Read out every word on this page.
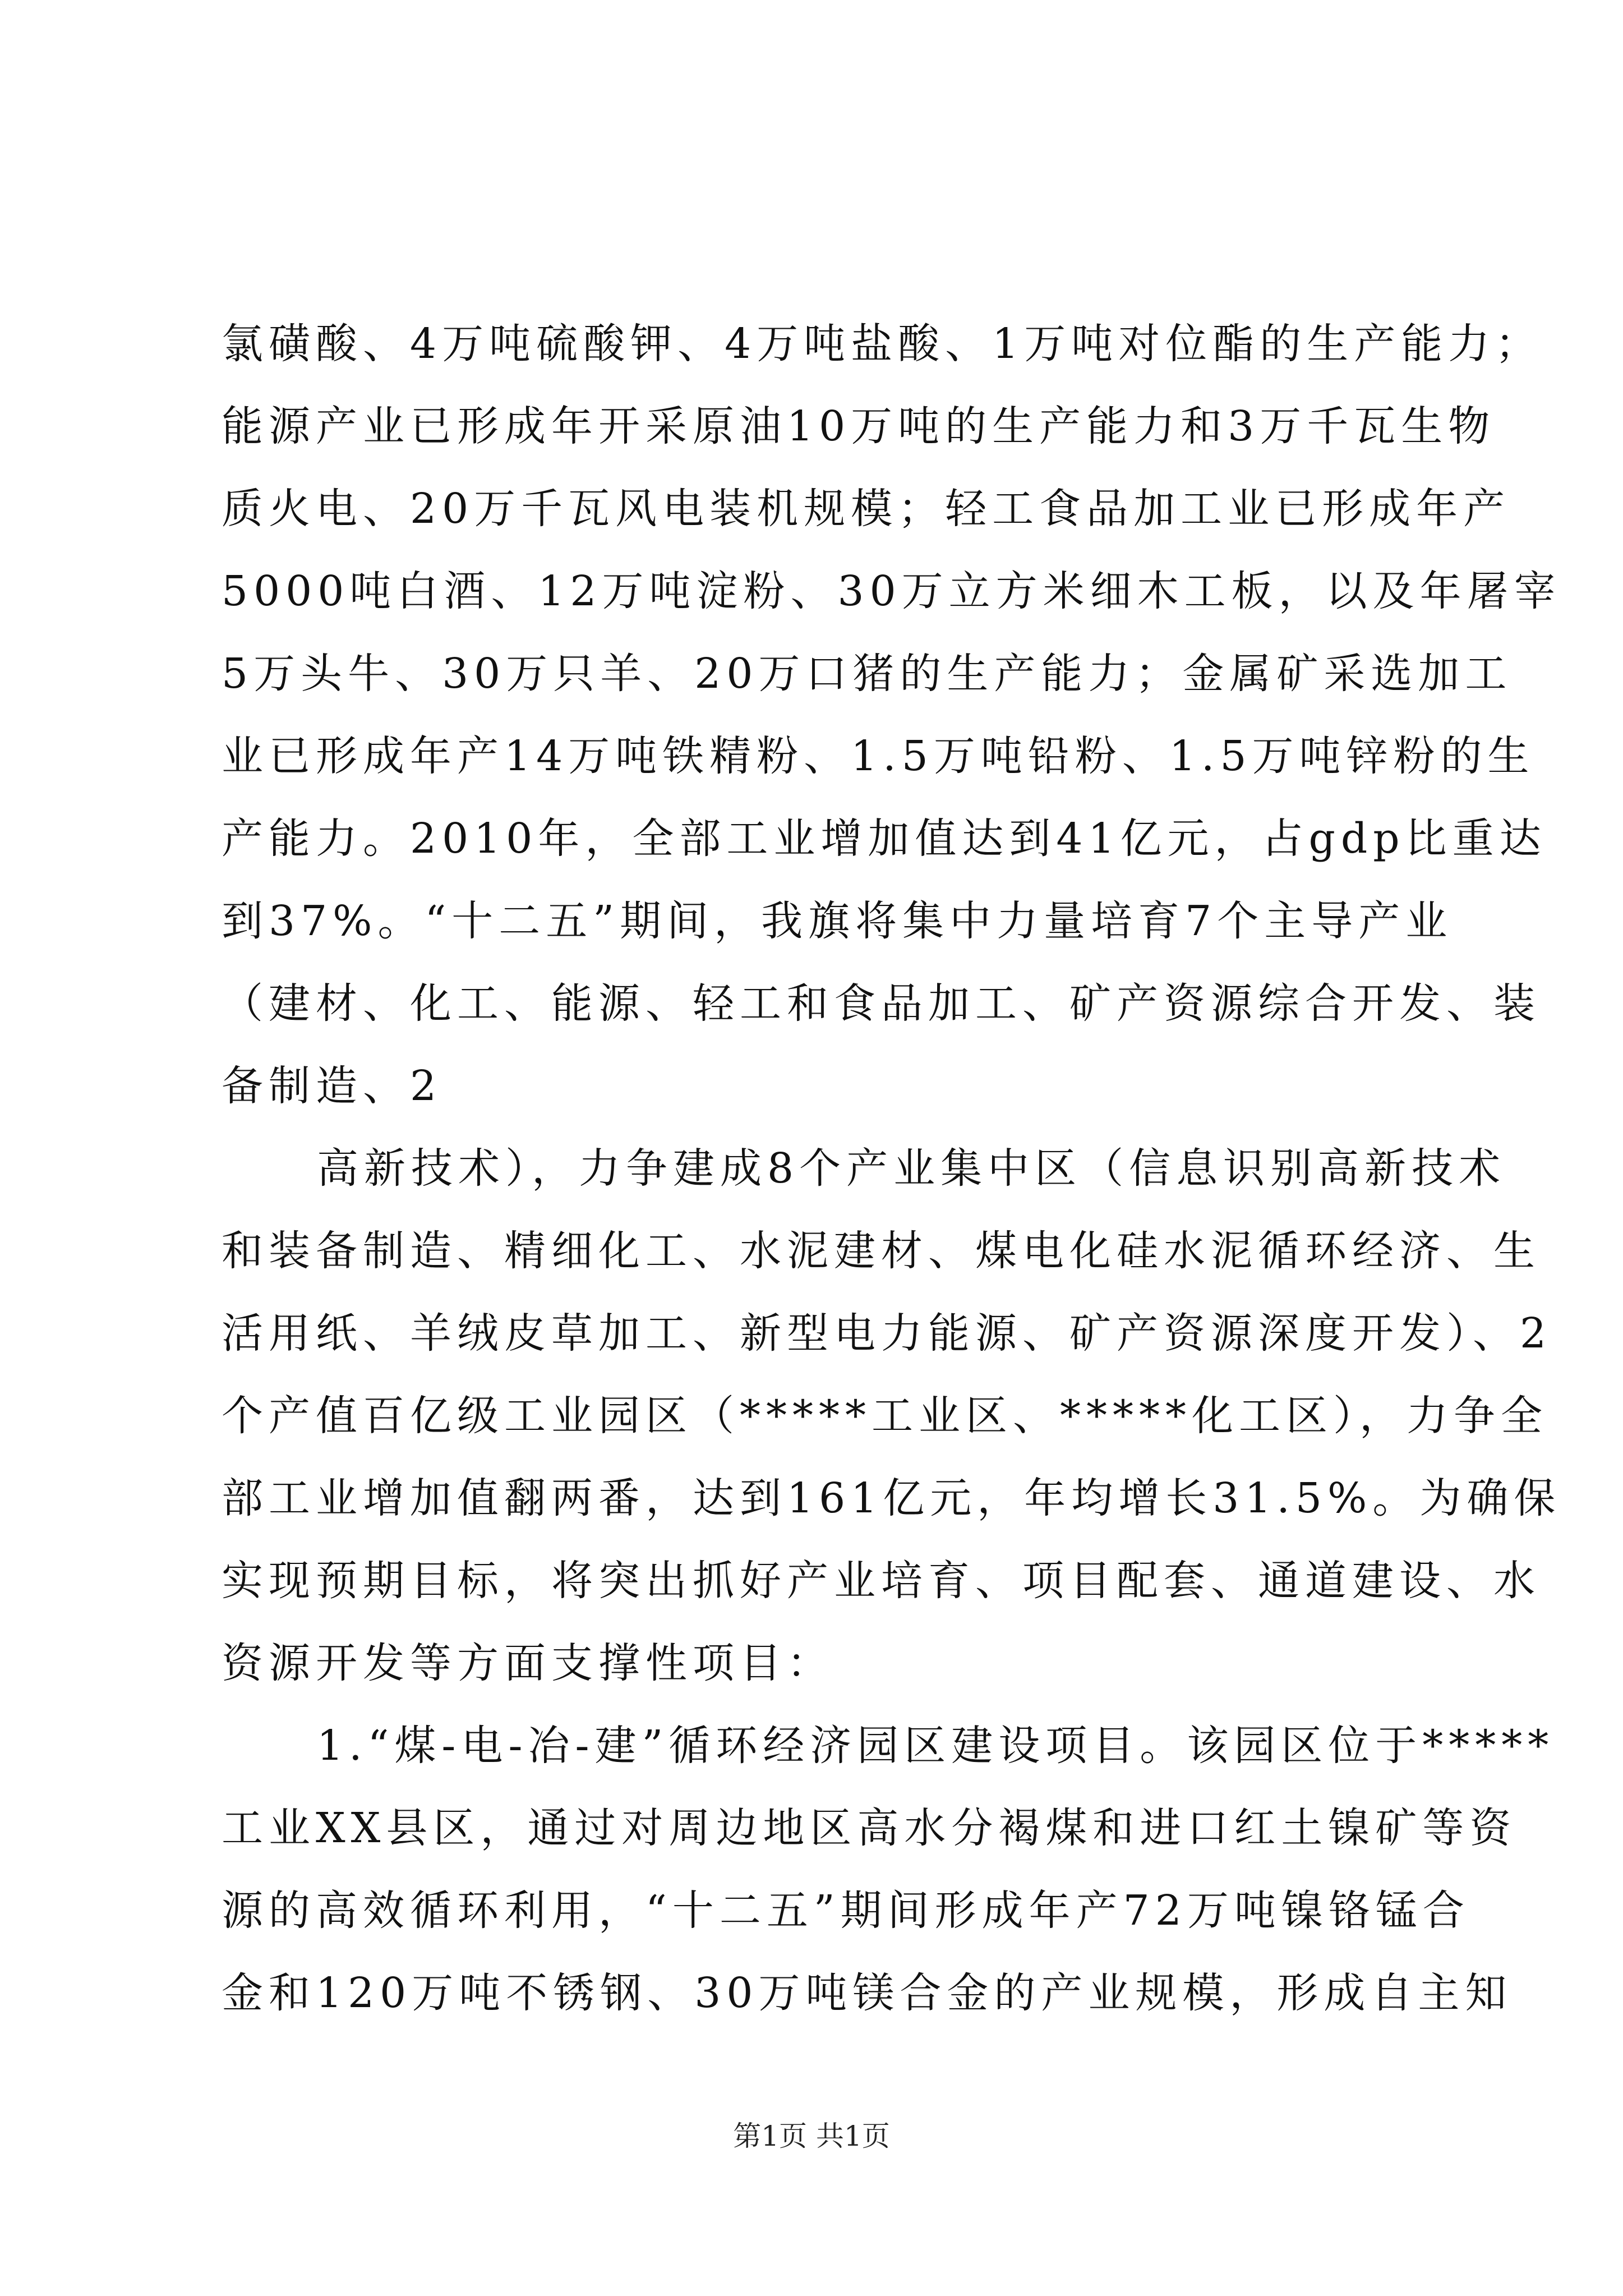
氯磺酸、4万吨硫酸钾、4万吨盐酸、1万吨对位酯的生产能力；
能源产业已形成年开采原油10万吨的生产能力和3万千瓦生物
质火电、20万千瓦风电装机规模；轻工食品加工业已形成年产
5000吨白酒、12万吨淀粉、30万立方米细木工板，以及年屠宰
5万头牛、30万只羊、20万口猪的生产能力；金属矿采选加工
业已形成年产14万吨铁精粉、1.5万吨铅粉、1.5万吨锌粉的生
产能力。2010年，全部工业增加值达到41亿元，占gdp比重达
到37%。“十二五”期间，我旗将集中力量培育7个主导产业
（建材、化工、能源、轻工和食品加工、矿产资源综合开发、装
备制造、2
高新技术），力争建成8个产业集中区（信息识别高新技术
和装备制造、精细化工、水泥建材、煤电化硅水泥循环经济、生
活用纸、羊绒皮草加工、新型电力能源、矿产资源深度开发）、2
个产值百亿级工业园区（*****工业区、*****化工区），力争全
部工业增加值翻两番，达到161亿元，年均增长31.5%。为确保
实现预期目标，将突出抓好产业培育、项目配套、通道建设、水
资源开发等方面支撑性项目：
1.“煤-电-冶-建”循环经济园区建设项目。该园区位于*****
工业XX县区，通过对周边地区高水分褐煤和进口红土镍矿等资
源的高效循环利用，“十二五”期间形成年产72万吨镍铬锰合
金和120万吨不锈钢、30万吨镁合金的产业规模，形成自主知
第1页 共1页
